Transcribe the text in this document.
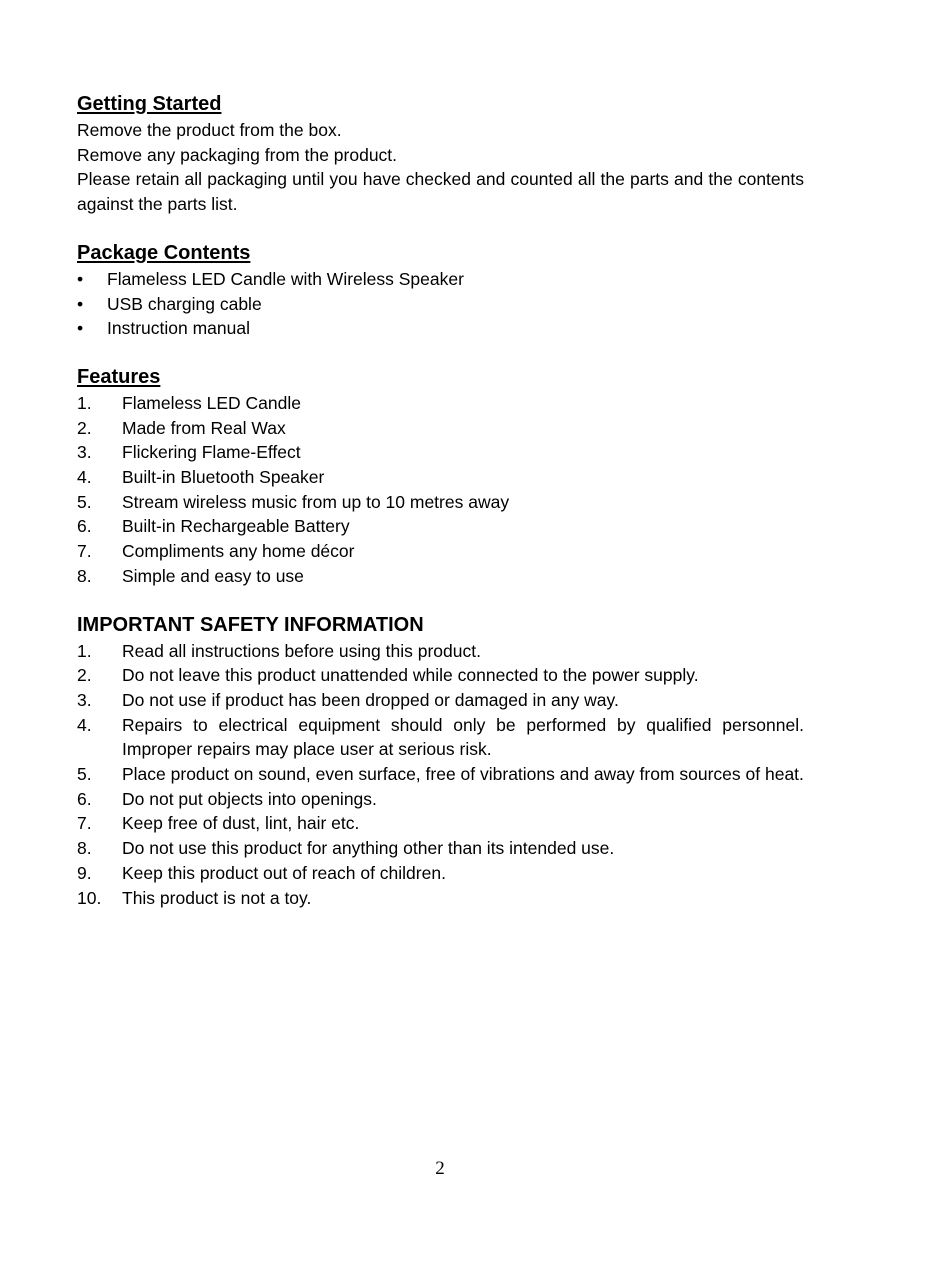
Getting Started

Remove the product from the box.

Remove any packaging from the product.

Please retain all packaging until you have checked and counted all the parts and the contents against the parts list.

Package Contents
•	Flameless LED Candle with Wireless Speaker
•	USB charging cable
•	Instruction manual
Features
1.	Flameless LED Candle
2.	Made from Real Wax
3.	Flickering Flame-Effect
4.	Built-in Bluetooth Speaker
5.	Stream wireless music from up to 10 metres away
6.	Built-in Rechargeable Battery
7.	Compliments any home décor
8.	Simple and easy to use
IMPORTANT SAFETY INFORMATION
1.	Read all instructions before using this product.
2.	Do not leave this product unattended while connected to the power supply.
3.	Do not use if product has been dropped or damaged in any way.
4.	Repairs to electrical equipment should only be performed by qualified personnel. Improper repairs may place user at serious risk.
5.	Place product on sound, even surface, free of vibrations and away from sources of heat.
6.	Do not put objects into openings.
7.	Keep free of dust, lint, hair etc.
8.	Do not use this product for anything other than its intended use.
9.	Keep this product out of reach of children.
10.	This product is not a toy.
2
